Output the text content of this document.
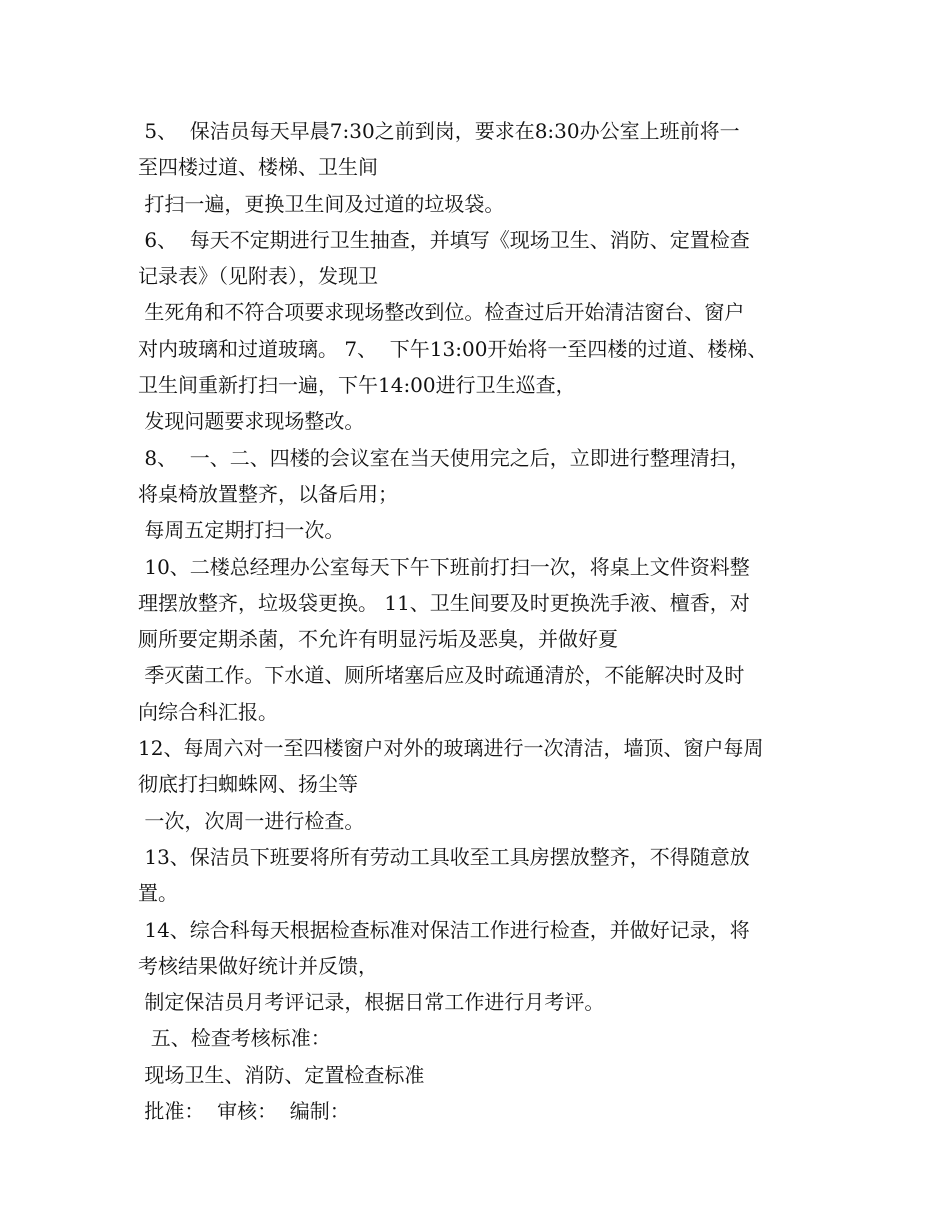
5、  保洁员每天早晨7:30之前到岗，要求在8:30办公室上班前将一
至四楼过道、楼梯、卫生间
打扫一遍，更换卫生间及过道的垃圾袋。
6、  每天不定期进行卫生抽查，并填写《现场卫生、消防、定置检查
记录表》（见附表），发现卫
生死角和不符合项要求现场整改到位。检查过后开始清洁窗台、窗户
对内玻璃和过道玻璃。 7、  下午13:00开始将一至四楼的过道、楼梯、
卫生间重新打扫一遍，下午14:00进行卫生巡查，
发现问题要求现场整改。
8、  一、二、四楼的会议室在当天使用完之后，立即进行整理清扫，
将桌椅放置整齐，以备后用；
每周五定期打扫一次。
10、二楼总经理办公室每天下午下班前打扫一次，将桌上文件资料整
理摆放整齐，垃圾袋更换。 11、卫生间要及时更换洗手液、檀香，对
厕所要定期杀菌，不允许有明显污垢及恶臭，并做好夏
季灭菌工作。下水道、厕所堵塞后应及时疏通清於，不能解决时及时
向综合科汇报。
12、每周六对一至四楼窗户对外的玻璃进行一次清洁，墙顶、窗户每周
彻底打扫蜘蛛网、扬尘等
一次，次周一进行检查。
13、保洁员下班要将所有劳动工具收至工具房摆放整齐，不得随意放
置。
14、综合科每天根据检查标准对保洁工作进行检查，并做好记录，将
考核结果做好统计并反馈，
制定保洁员月考评记录，根据日常工作进行月考评。
五、检查考核标准：
现场卫生、消防、定置检查标准
批准：  审核：  编制：
